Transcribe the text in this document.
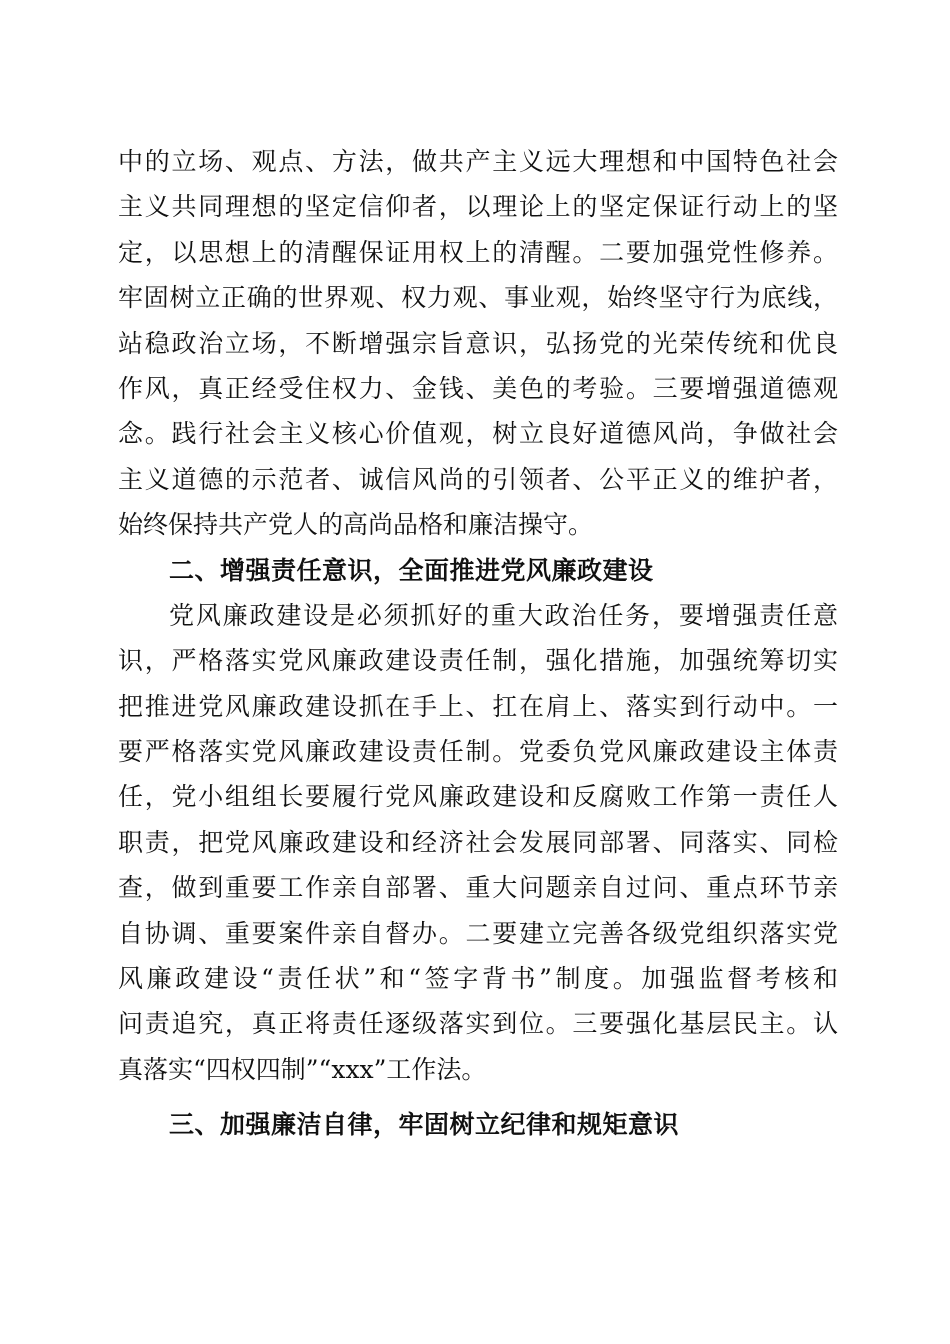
中的立场、观点、方法，做共产主义远大理想和中国特色社会
主义共同理想的坚定信仰者，以理论上的坚定保证行动上的坚
定，以思想上的清醒保证用权上的清醒。二要加强党性修养。
牢固树立正确的世界观、权力观、事业观，始终坚守行为底线，
站稳政治立场，不断增强宗旨意识，弘扬党的光荣传统和优良
作风，真正经受住权力、金钱、美色的考验。三要增强道德观
念。践行社会主义核心价值观，树立良好道德风尚，争做社会
主义道德的示范者、诚信风尚的引领者、公平正义的维护者，
始终保持共产党人的高尚品格和廉洁操守。
二、增强责任意识，全面推进党风廉政建设
党风廉政建设是必须抓好的重大政治任务，要增强责任意
识，严格落实党风廉政建设责任制，强化措施，加强统筹切实
把推进党风廉政建设抓在手上、扛在肩上、落实到行动中。一
要严格落实党风廉政建设责任制。党委负党风廉政建设主体责
任，党小组组长要履行党风廉政建设和反腐败工作第一责任人
职责，把党风廉政建设和经济社会发展同部署、同落实、同检
查，做到重要工作亲自部署、重大问题亲自过问、重点环节亲
自协调、重要案件亲自督办。二要建立完善各级党组织落实党
风廉政建设“责任状”和“签字背书”制度。加强监督考核和
问责追究，真正将责任逐级落实到位。三要强化基层民主。认
真落实“四权四制”“xxx”工作法。
三、加强廉洁自律，牢固树立纪律和规矩意识
